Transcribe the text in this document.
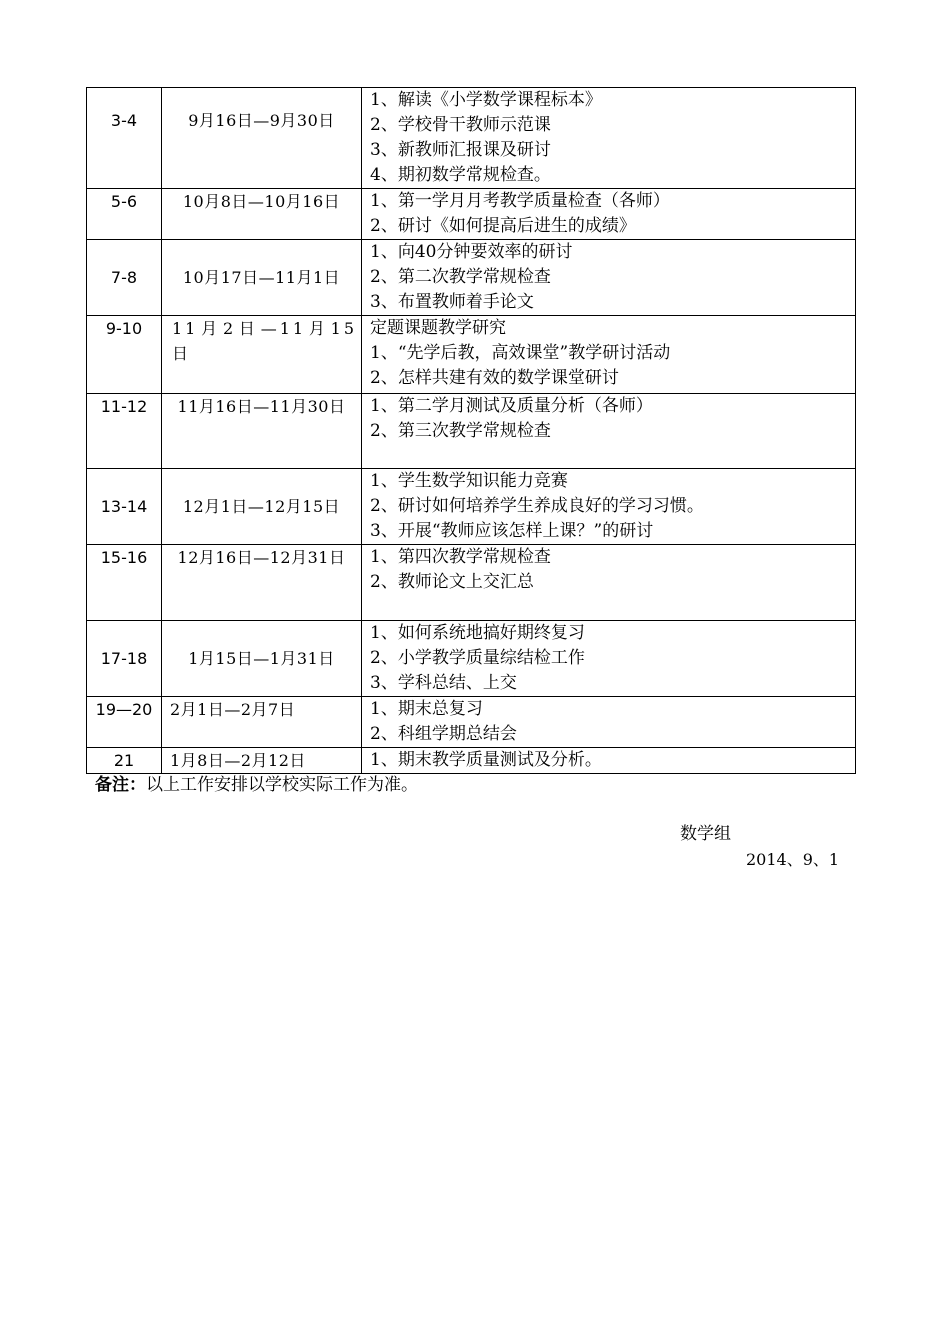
3-4	9月16日—9月30日	1、解读《小学数学课程标本》
2、学校骨干教师示范课
3、新教师汇报课及研讨
4、期初数学常规检查。

5-6	10月8日—10月16日	1、第一学月月考教学质量检查（各师）
2、研讨《如何提高后进生的成绩》

7-8	10月17日—11月1日	1、向40分钟要效率的研讨
2、第二次教学常规检查
3、布置教师着手论文

9-10	11月2日—11月15日	定题课题教学研究
1、“先学后教，高效课堂”教学研讨活动
2、怎样共建有效的数学课堂研讨

11-12	11月16日—11月30日	1、第二学月测试及质量分析（各师）
2、第三次教学常规检查

13-14	12月1日—12月15日	1、学生数学知识能力竞赛
2、研讨如何培养学生养成良好的学习习惯。
3、开展“教师应该怎样上课？”的研讨

15-16	12月16日—12月31日	1、第四次教学常规检查
2、教师论文上交汇总

17-18	1月15日—1月31日	1、如何系统地搞好期终复习
2、小学教学质量综结检工作
3、学科总结、上交

19—20	2月1日—2月7日	1、期末总复习
2、科组学期总结会

21	1月8日—2月12日	1、期末教学质量测试及分析。
备注：以上工作安排以学校实际工作为准。
数学组
2014、9、1
